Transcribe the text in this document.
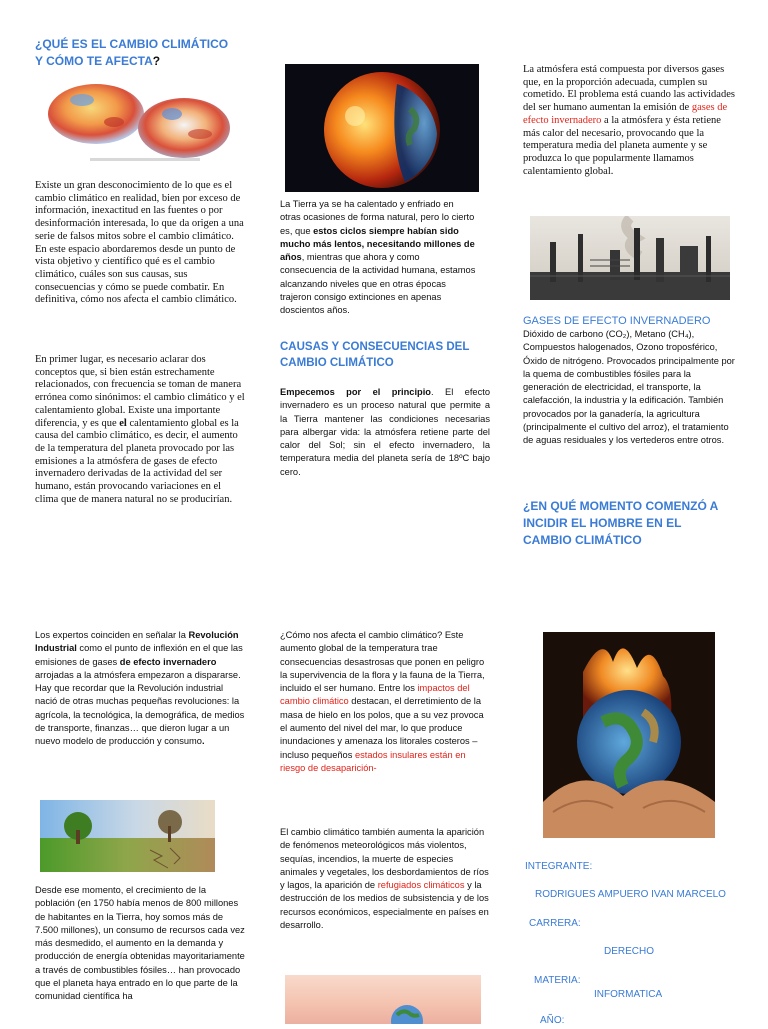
¿QUÉ ES EL CAMBIO CLIMÁTICO Y CÓMO TE AFECTA?

Existe un gran desconocimiento de lo que es el cambio climático en realidad, bien por exceso de información, inexactitud en las fuentes o por desinformación interesada, lo que da origen a una serie de falsos mitos sobre el cambio climático. En este espacio abordaremos desde un punto de vista objetivo y científico qué es el cambio climático, cuáles son sus causas, sus consecuencias y cómo se puede combatir. En definitiva, cómo nos afecta el cambio climático.

En primer lugar, es necesario aclarar dos conceptos que, si bien están estrechamente relacionados, con frecuencia se toman de manera errónea como sinónimos: el cambio climático y el calentamiento global. Existe una importante diferencia, y es que el calentamiento global es la causa del cambio climático, es decir, el aumento de la temperatura del planeta provocado por las emisiones a la atmósfera de gases de efecto invernadero derivadas de la actividad del ser humano, están provocando variaciones en el clima que de manera natural no se producirían.

Los expertos coinciden en señalar la Revolución Industrial como el punto de inflexión en el que las emisiones de gases de efecto invernadero arrojadas a la atmósfera empezaron a dispararse. Hay que recordar que la Revolución industrial nació de otras muchas pequeñas revoluciones: la agrícola, la tecnológica, la demográfica, de medios de transporte, finanzas… que dieron lugar a un nuevo modelo de producción y consumo.

Desde ese momento, el crecimiento de la población (en 1750 había menos de 800 millones de habitantes en la Tierra, hoy somos más de 7.500 millones), un consumo de recursos cada vez más desmedido, el aumento en la demanda y producción de energía obtenidas mayoritariamente a través de combustibles fósiles… han provocado que el planeta haya entrado en lo que parte de la comunidad científica ha

La Tierra ya se ha calentado y enfriado en otras ocasiones de forma natural, pero lo cierto es, que estos ciclos siempre habían sido mucho más lentos, necesitando millones de años, mientras que ahora y como consecuencia de la actividad humana, estamos alcanzando niveles que en otras épocas trajeron consigo extinciones en apenas doscientos años.

CAUSAS Y CONSECUENCIAS DEL CAMBIO CLIMÁTICO

Empecemos por el principio. El efecto invernadero es un proceso natural que permite a la Tierra mantener las condiciones necesarias para albergar vida: la atmósfera retiene parte del calor del Sol; sin el efecto invernadero, la temperatura media del planeta sería de 18ºC bajo cero.

¿Cómo nos afecta el cambio climático? Este aumento global de la temperatura trae consecuencias desastrosas que ponen en peligro la supervivencia de la flora y la fauna de la Tierra, incluido el ser humano. Entre los impactos del cambio climático destacan, el derretimiento de la masa de hielo en los polos, que a su vez provoca el aumento del nivel del mar, lo que produce inundaciones y amenaza los litorales costeros –incluso pequeños estados insulares están en riesgo de desaparición-

El cambio climático también aumenta la aparición de fenómenos meteorológicos más violentos, sequías, incendios, la muerte de especies animales y vegetales, los desbordamientos de ríos y lagos, la aparición de refugiados climáticos y la destrucción de los medios de subsistencia y de los recursos económicos, especialmente en países en desarrollo.

La atmósfera está compuesta por diversos gases que, en la proporción adecuada, cumplen su cometido. El problema está cuando las actividades del ser humano aumentan la emisión de gases de efecto invernadero a la atmósfera y ésta retiene más calor del necesario, provocando que la temperatura media del planeta aumente y se produzca lo que popularmente llamamos calentamiento global.

GASES DE EFECTO INVERNADERO

Dióxido de carbono (CO₂), Metano (CH₄), Compuestos halogenados, Ozono troposférico, Óxido de nitrógeno. Provocados principalmente por la quema de combustibles fósiles para la generación de electricidad, el transporte, la calefacción, la industria y la edificación. También provocados por la ganadería, la agricultura (principalmente el cultivo del arroz), el tratamiento de aguas residuales y los vertederos entre otros.

¿EN QUÉ MOMENTO COMENZÓ A INCIDIR EL HOMBRE EN EL CAMBIO CLIMÁTICO
INTEGRANTE:
RODRIGUES AMPUERO IVAN MARCELO
CARRERA:
DERECHO
MATERIA:
INFORMATICA
AÑO:
